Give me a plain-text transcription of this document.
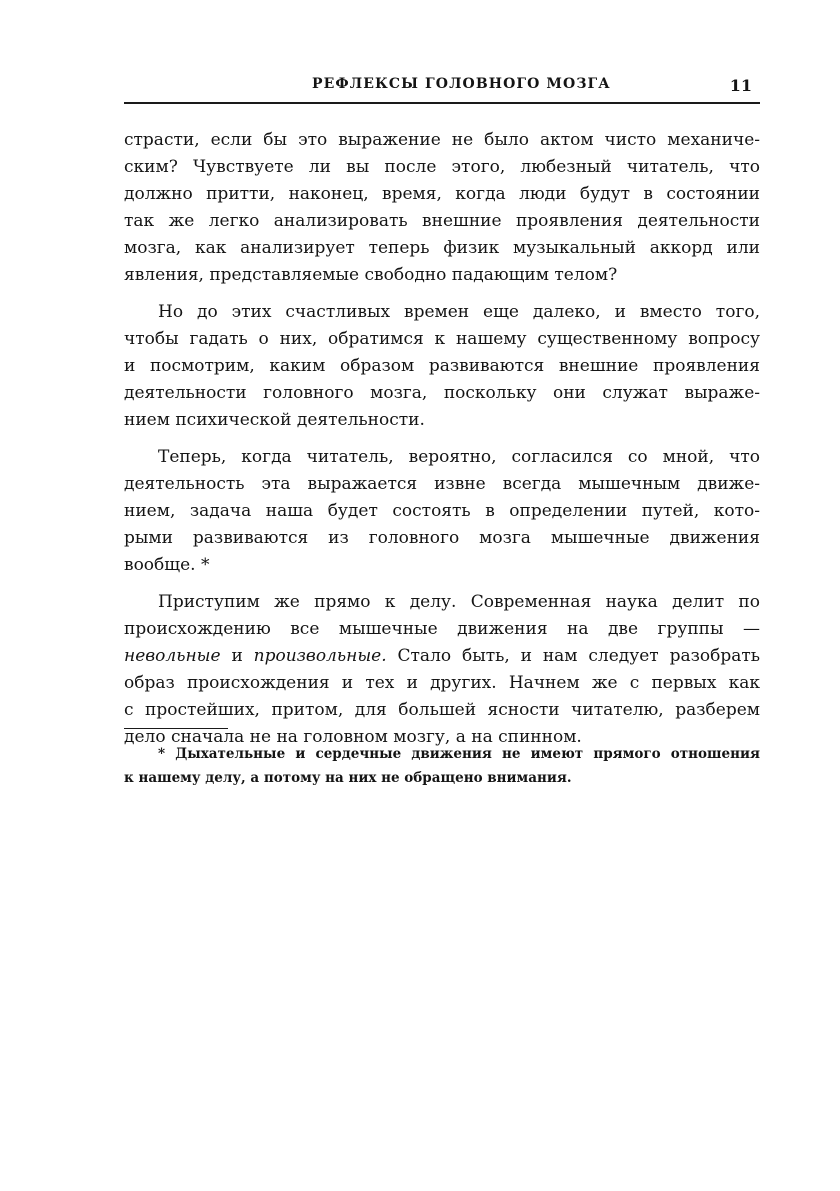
РЕФЛЕКСЫ ГОЛОВНОГО МОЗГА	11
страсти, если бы это выражение не было актом чисто механиче-
ским? Чувствуете ли вы после этого, любезный читатель, что
должно притти, наконец, время, когда люди будут в состоянии
так же легко анализировать внешние проявления деятельности
мозга, как анализирует теперь физик музыкальный аккорд или
явления, представляемые свободно падающим телом?
Но до этих счастливых времен еще далеко, и вместо того,
чтобы гадать о них, обратимся к нашему существенному вопросу
и посмотрим, каким образом развиваются внешние проявления
деятельности головного мозга, поскольку они служат выраже-
нием психической деятельности.
Теперь, когда читатель, вероятно, согласился со мной, что
деятельность эта выражается извне всегда мышечным движе-
нием, задача наша будет состоять в определении путей, кото-
рыми развиваются из головного мозга мышечные движения
вообще. *
Приступим же прямо к делу. Современная наука делит по
происхождению все мышечные движения на две группы —
невольные и произвольные. Стало быть, и нам следует разобрать
образ происхождения и тех и других. Начнем же с первых как
с простейших, притом, для большей ясности читателю, разберем
дело сначала не на головном мозгу, а на спинном.
* Дыхательные и сердечные движения не имеют прямого отношения
к нашему делу, а потому на них не обращено внимания.
